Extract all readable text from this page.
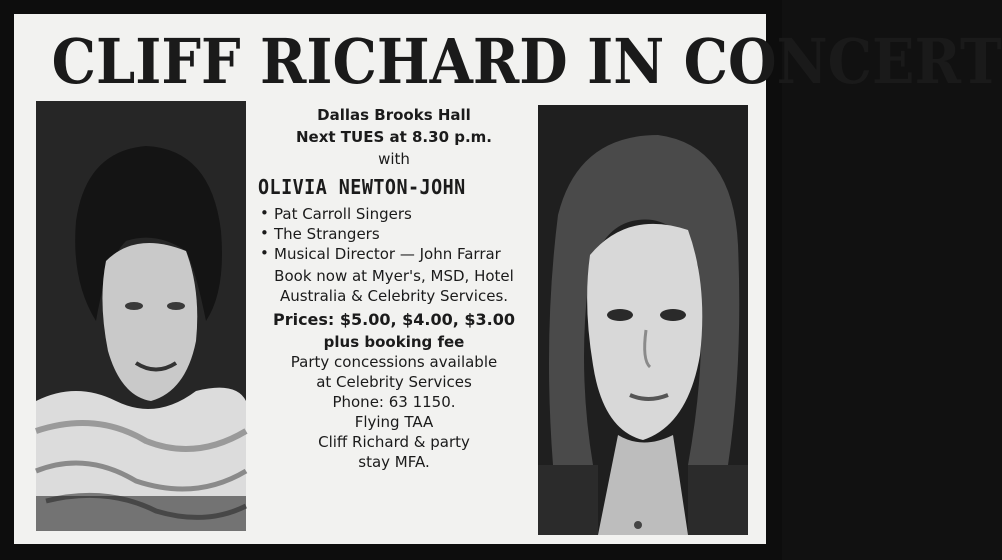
CLIFF RICHARD IN CONCERT
Dallas Brooks Hall
Next TUES at 8.30 p.m.
with
OLIVIA NEWTON-JOHN
• Pat Carroll Singers
• The Strangers
• Musical Director — John Farrar
Book now at Myer's, MSD, Hotel Australia & Celebrity Services.
Prices: $5.00, $4.00, $3.00
plus booking fee
Party concessions available
at Celebrity Services
Phone: 63 1150.
Flying TAA
Cliff Richard & party
stay MFA.
